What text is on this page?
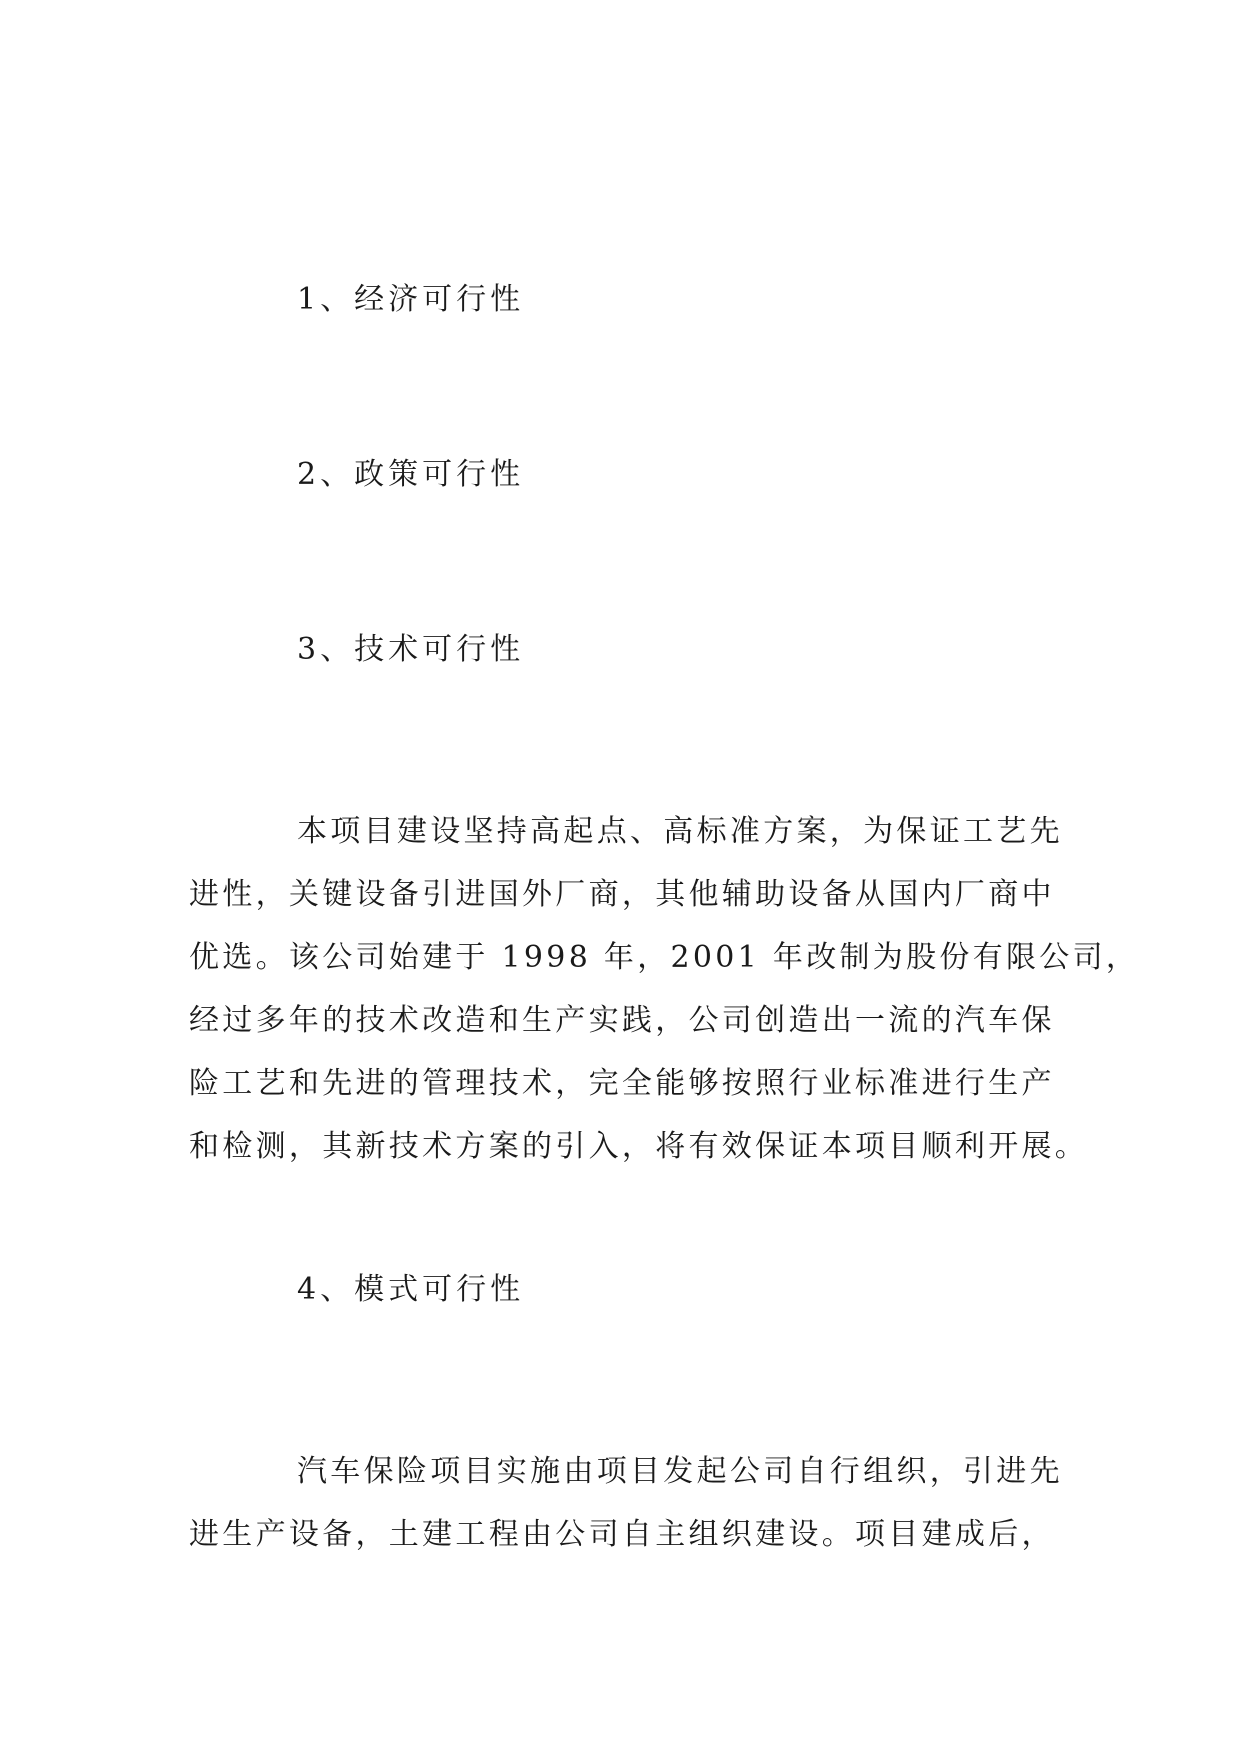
1、经济可行性
2、政策可行性
3、技术可行性
本项目建设坚持高起点、高标准方案，为保证工艺先
进性，关键设备引进国外厂商，其他辅助设备从国内厂商中
优选。该公司始建于 1998 年，2001 年改制为股份有限公司，
经过多年的技术改造和生产实践，公司创造出一流的汽车保
险工艺和先进的管理技术，完全能够按照行业标准进行生产
和检测，其新技术方案的引入，将有效保证本项目顺利开展。
4、模式可行性
汽车保险项目实施由项目发起公司自行组织，引进先
进生产设备，土建工程由公司自主组织建设。项目建成后，
